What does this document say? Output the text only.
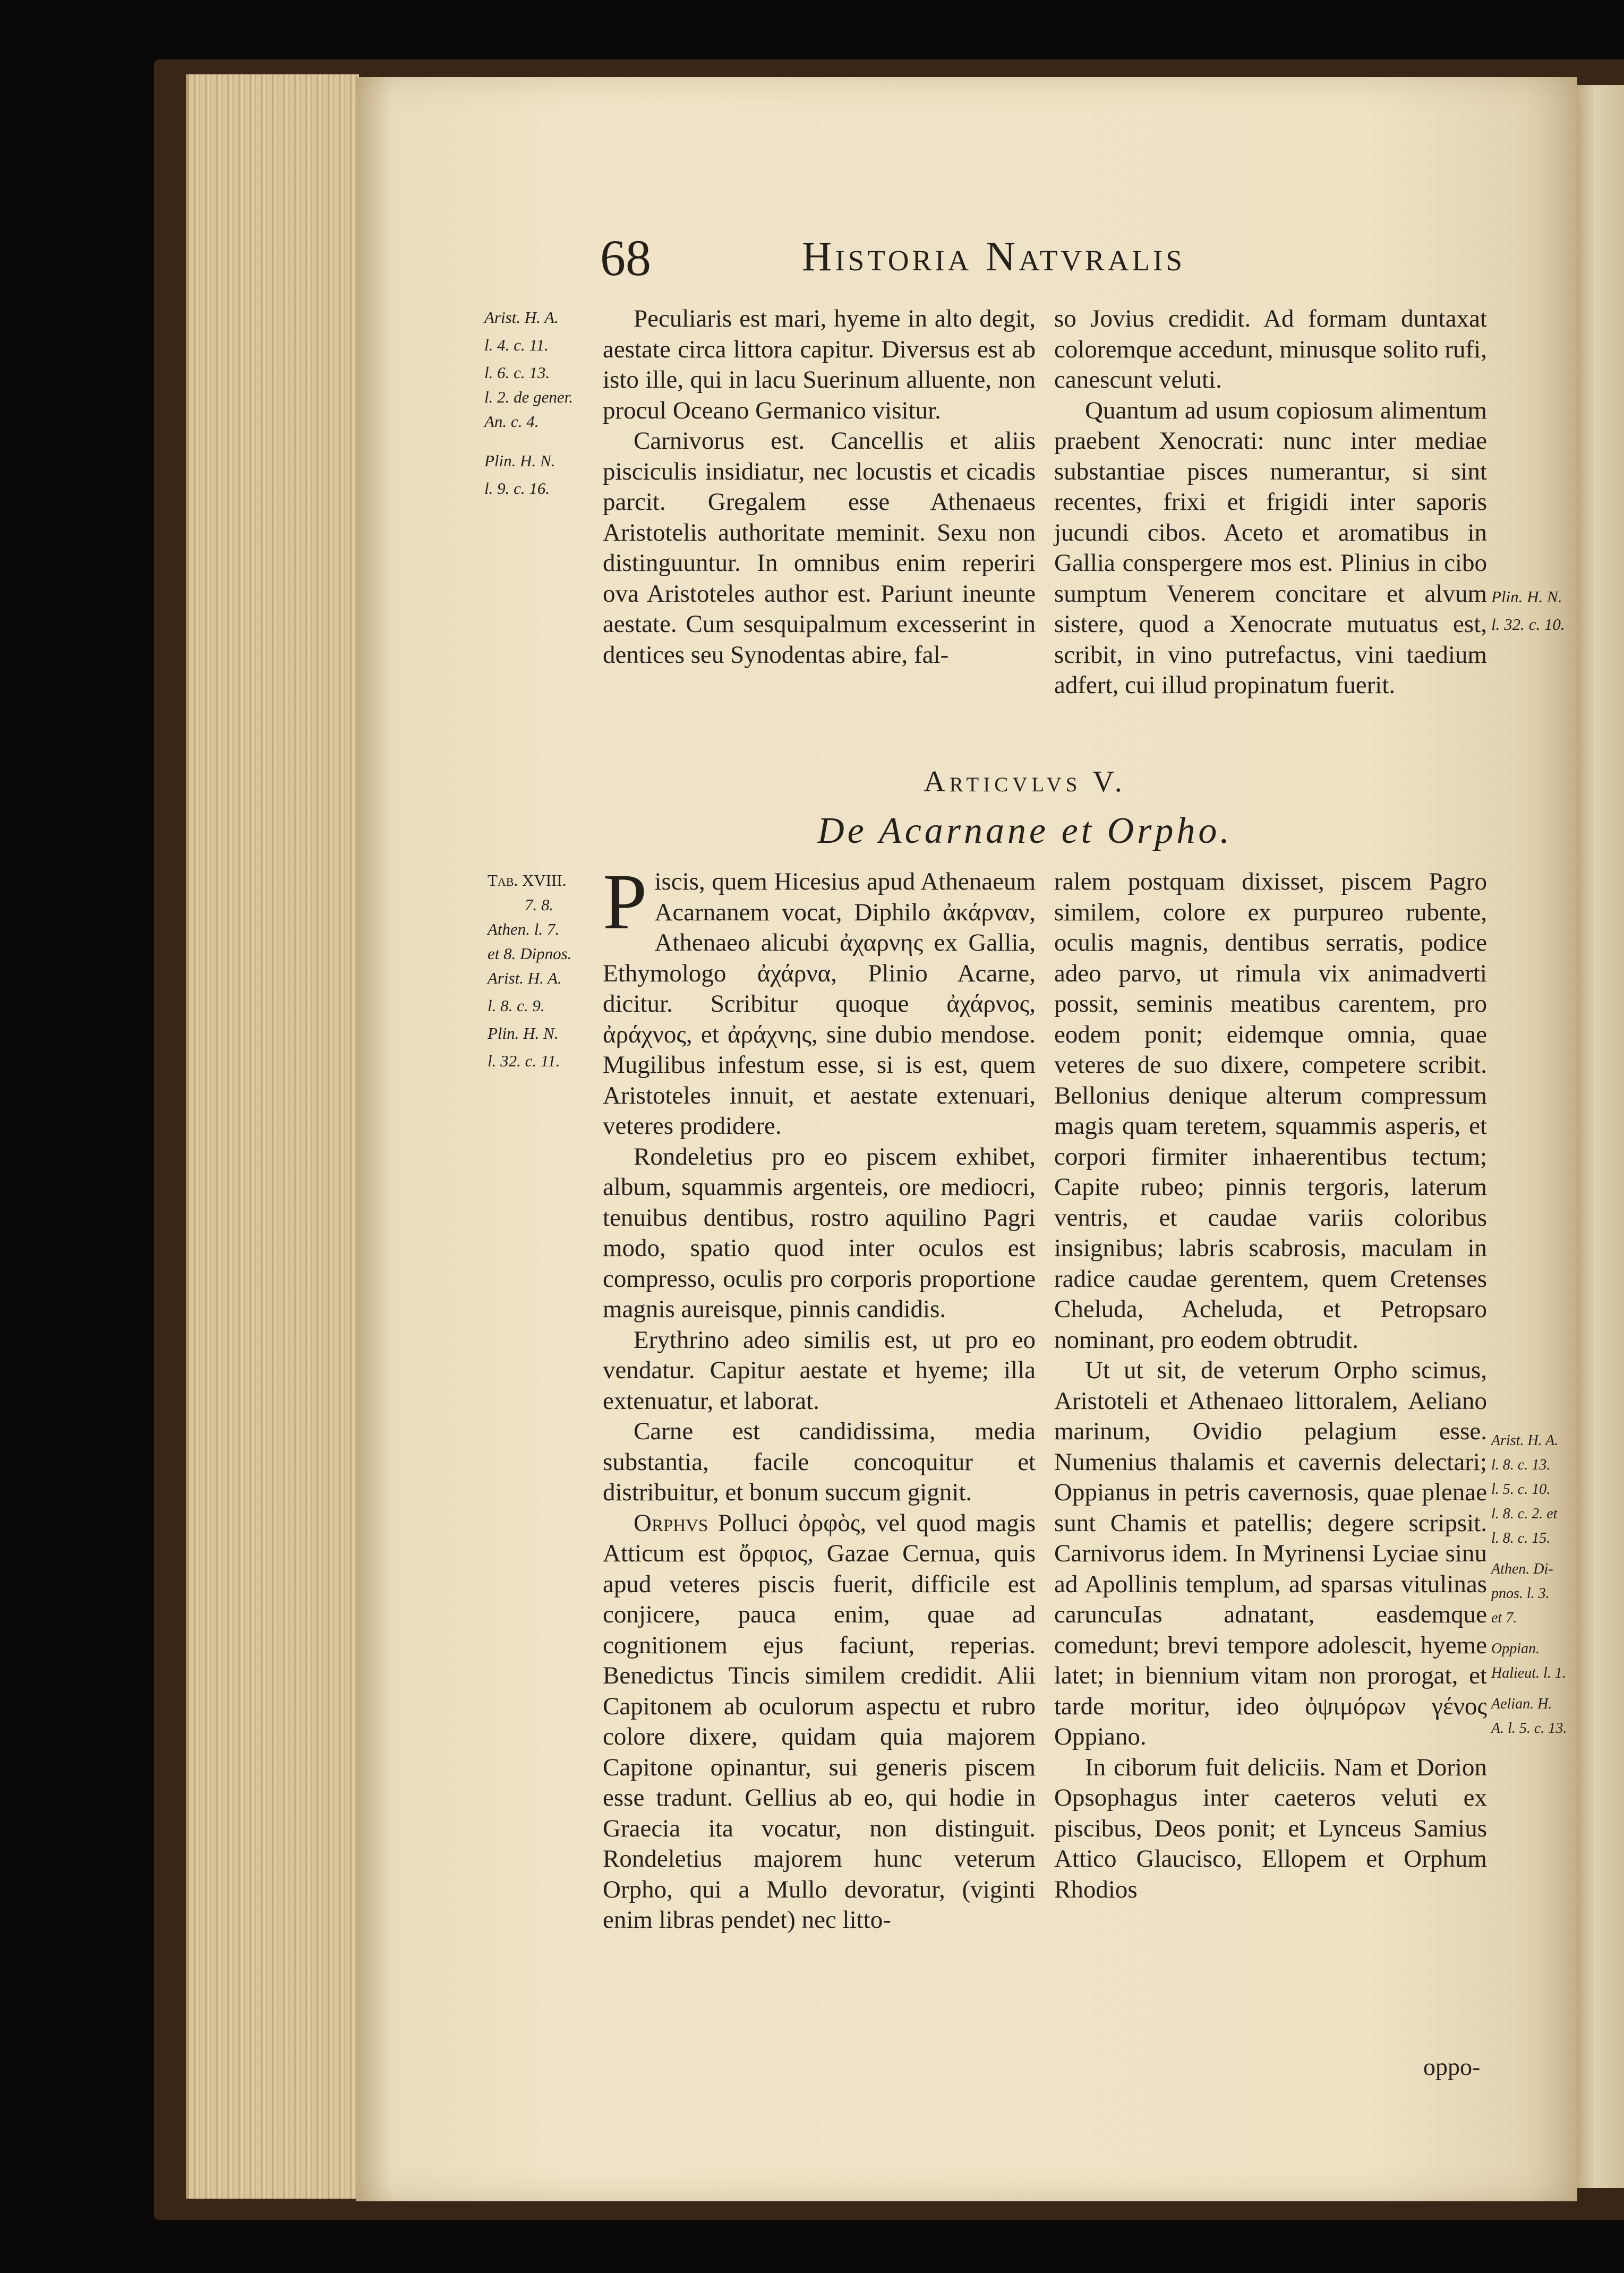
68	Historia Natvralis
Arist. H. A.
l. 4. c. 11.
l. 6. c. 13.
l. 2. de gener.
An. c. 4.
Plin. H. N.
l. 9. c. 16.

Peculiaris est mari, hyeme in alto degit, aestate circa littora capitur. Diversus est ab isto ille, qui in lacu Suerinum alluente, non procul Oceano Germanico visitur.

Carnivorus est. Cancellis et aliis pisciculis insidiatur, nec locustis et cicadis parcit. Gregalem esse Athenaeus Aristotelis authoritate meminit. Sexu non distinguuntur. In omnibus enim reperiri ova Aristoteles author est. Pariunt ineunte aestate. Cum sesquipalmum excesserint in dentices seu Synodentas abire, fal-

so Jovius credidit. Ad formam duntaxat coloremque accedunt, minusque solito rufi, canescunt veluti.

Quantum ad usum copiosum alimentum praebent Xenocrati: nunc inter mediae substantiae pisces numerantur, si sint recentes, frixi et frigidi inter saporis jucundi cibos. Aceto et aromatibus in Gallia conspergere mos est. Plinius in cibo sumptum Venerem concitare et alvum sistere, quod a Xenocrate mutuatus est, scribit, in vino putrefactus, vini taedium adfert, cui illud propinatum fuerit.

Plin. H. N.
l. 32. c. 10.
Articvlvs V.
De Acarnane et Orpho.
Tab. XVIII.
7. 8.
Athen. l. 7.
et 8. Dipnos.
Arist. H. A.
l. 8. c. 9.
Plin. H. N.
l. 32. c. 11.

Piscis, quem Hicesius apud Athenaeum Acarnanem vocat, Diphilo ἀκάρναν, Athenaeo alicubi ἀχαρνης ex Gallia, Ethymologo ἀχάρνα, Plinio Acarne, dicitur. Scribitur quoque ἀχάρνος, ἀράχνος, et ἀράχνης, sine dubio mendose. Mugilibus infestum esse, si is est, quem Aristoteles innuit, et aestate extenuari, veteres prodidere.

Rondeletius pro eo piscem exhibet, album, squammis argenteis, ore mediocri, tenuibus dentibus, rostro aquilino Pagri modo, spatio quod inter oculos est compresso, oculis pro corporis proportione magnis aureisque, pinnis candidis.

Erythrino adeo similis est, ut pro eo vendatur. Capitur aestate et hyeme; illa extenuatur, et laborat.

Carne est candidissima, media substantia, facile concoquitur et distribuitur, et bonum succum gignit.

Orphvs Polluci ὀρφὸς, vel quod magis Atticum est ὄρφιος, Gazae Cernua, quis apud veteres piscis fuerit, difficile est conjicere, pauca enim, quae ad cognitionem ejus faciunt, reperias. Benedictus Tincis similem credidit. Alii Capitonem ab oculorum aspectu et rubro colore dixere, quidam quia majorem Capitone opinantur, sui generis piscem esse tradunt. Gellius ab eo, qui hodie in Graecia ita vocatur, non distinguit. Rondeletius majorem hunc veterum Orpho, qui a Mullo devoratur, (viginti enim libras pendet) nec litto-

ralem postquam dixisset, piscem Pagro similem, colore ex purpureo rubente, oculis magnis, dentibus serratis, podice adeo parvo, ut rimula vix animadverti possit, seminis meatibus carentem, pro eodem ponit; eidemque omnia, quae veteres de suo dixere, competere scribit. Bellonius denique alterum compressum magis quam teretem, squammis asperis, et corpori firmiter inhaerentibus tectum; Capite rubeo; pinnis tergoris, laterum ventris, et caudae variis coloribus insignibus; labris scabrosis, maculam in radice caudae gerentem, quem Cretenses Cheluda, Acheluda, et Petropsaro nominant, pro eodem obtrudit.

Ut ut sit, de veterum Orpho scimus, Aristoteli et Athenaeo littoralem, Aeliano marinum, Ovidio pelagium esse. Numenius thalamis et cavernis delectari; Oppianus in petris cavernosis, quae plenae sunt Chamis et patellis; degere scripsit. Carnivorus idem. In Myrinensi Lyciae sinu ad Apollinis templum, ad sparsas vitulinas caruncuIas adnatant, easdemque comedunt; brevi tempore adolescit, hyeme latet; in biennium vitam non prorogat, et tarde moritur, ideo ὀψιμόρων γένος Oppiano.

In ciborum fuit deliciis. Nam et Dorion Opsophagus inter caeteros veluti ex piscibus, Deos ponit; et Lynceus Samius Attico Glaucisco, Ellopem et Orphum Rhodios

Arist. H. A.
l. 8. c. 13.
l. 5. c. 10.
l. 8. c. 2. et
l. 8. c. 15.
Athen. Di-
pnos. l. 3.
et 7.
Oppian.
Halieut. l. 1.
Aelian. H.
A. l. 5. c. 13.
oppo-
